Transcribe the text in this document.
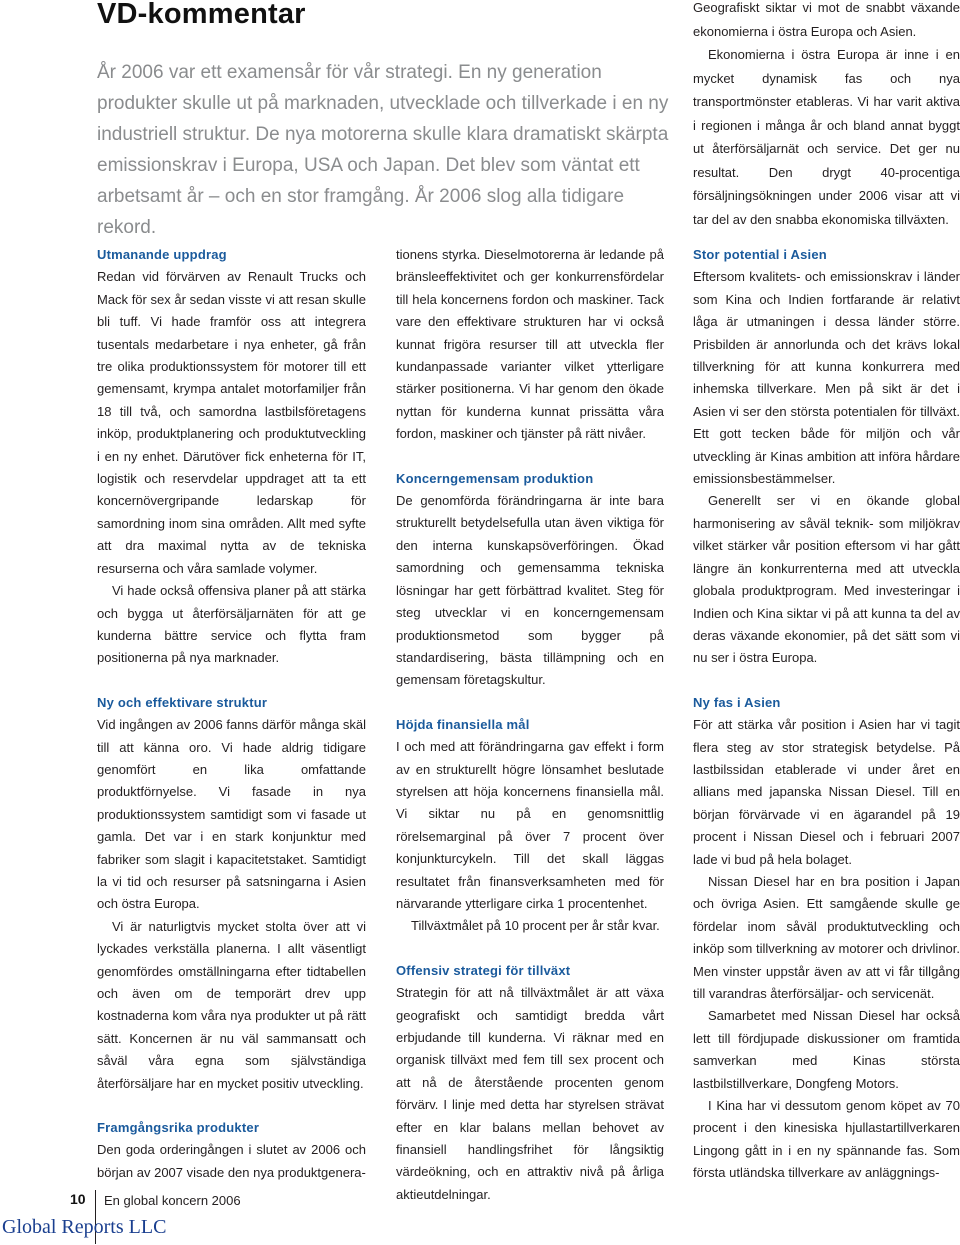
VD-kommentar

År 2006 var ett examensår för vår strategi. En ny generation produkter skulle ut på marknaden, utvecklade och tillverkade i en ny industriell struktur. De nya motorerna skulle klara dramatiskt skärpta emissionskrav i Europa, USA och Japan. Det blev som väntat ett arbetsamt år – och en stor framgång. År 2006 slog alla tidigare rekord.

Geografiskt siktar vi mot de snabbt växande ekonomierna i östra Europa och Asien.

Ekonomierna i östra Europa är inne i en mycket dynamisk fas och nya transportmönster etableras. Vi har varit aktiva i regionen i många år och bland annat byggt ut återförsäljarnät och service. Det ger nu resultat. Den drygt 40-procentiga försäljningsökningen under 2006 visar att vi tar del av den snabba ekonomiska tillväxten.

Utmanande uppdrag

Redan vid förvärven av Renault Trucks och Mack för sex år sedan visste vi att resan skulle bli tuff. Vi hade framför oss att integrera tusentals medarbetare i nya enheter, gå från tre olika produktionssystem för motorer till ett gemensamt, krympa antalet motorfamiljer från 18 till två, och samordna lastbilsföretagens inköp, produktplanering och produktutveckling i en ny enhet. Därutöver fick enheterna för IT, logistik och reservdelar uppdraget att ta ett koncernövergripande ledarskap för samordning inom sina områden. Allt med syfte att dra maximal nytta av de tekniska resurserna och våra samlade volymer.

Vi hade också offensiva planer på att stärka och bygga ut återförsäljarnäten för att ge kunderna bättre service och flytta fram positionerna på nya marknader.

Ny och effektivare struktur

Vid ingången av 2006 fanns därför många skäl till att känna oro. Vi hade aldrig tidigare genomfört en lika omfattande produktförnyelse. Vi fasade in nya produktionssystem samtidigt som vi fasade ut gamla. Det var i en stark konjunktur med fabriker som slagit i kapacitetstaket. Samtidigt la vi tid och resurser på satsningarna i Asien och östra Europa.

Vi är naturligtvis mycket stolta över att vi lyckades verkställa planerna. I allt väsentligt genomfördes omställningarna efter tidtabellen och även om de temporärt drev upp kostnaderna kom våra nya produkter ut på rätt sätt. Koncernen är nu väl sammansatt och såväl våra egna som självständiga återförsäljare har en mycket positiv utveckling.

Framgångsrika produkter

Den goda orderingången i slutet av 2006 och början av 2007 visade den nya produktgenera-

tionens styrka. Dieselmotorerna är ledande på bränsleeffektivitet och ger konkurrensfördelar till hela koncernens fordon och maskiner. Tack vare den effektivare strukturen har vi också kunnat frigöra resurser till att utveckla fler kundanpassade varianter vilket ytterligare stärker positionerna. Vi har genom den ökade nyttan för kunderna kunnat prissätta våra fordon, maskiner och tjänster på rätt nivåer.

Koncerngemensam produktion

De genomförda förändringarna är inte bara strukturellt betydelsefulla utan även viktiga för den interna kunskapsöverföringen. Ökad samordning och gemensamma tekniska lösningar har gett förbättrad kvalitet. Steg för steg utvecklar vi en koncerngemensam produktionsmetod som bygger på standardisering, bästa tillämpning och en gemensam företagskultur.

Höjda finansiella mål

I och med att förändringarna gav effekt i form av en strukturellt högre lönsamhet beslutade styrelsen att höja koncernens finansiella mål. Vi siktar nu på en genomsnittlig rörelsemarginal på över 7 procent över konjunkturcykeln. Till det skall läggas resultatet från finansverksamheten med för närvarande ytterligare cirka 1 procentenhet.

Tillväxtmålet på 10 procent per år står kvar.

Offensiv strategi för tillväxt

Strategin för att nå tillväxtmålet är att växa geografiskt och samtidigt bredda vårt erbjudande till kunderna. Vi räknar med en organisk tillväxt med fem till sex procent och att nå de återstående procenten genom förvärv. I linje med detta har styrelsen strävat efter en klar balans mellan behovet av finansiell handlingsfrihet för långsiktig värdeökning, och en attraktiv nivå på årliga aktieutdelningar.

Stor potential i Asien

Eftersom kvalitets- och emissionskrav i länder som Kina och Indien fortfarande är relativt låga är utmaningen i dessa länder större. Prisbilden är annorlunda och det krävs lokal tillverkning för att kunna konkurrera med inhemska tillverkare. Men på sikt är det i Asien vi ser den största potentialen för tillväxt. Ett gott tecken både för miljön och vår utveckling är Kinas ambition att införa hårdare emissionsbestämmelser.

Generellt ser vi en ökande global harmonisering av såväl teknik- som miljökrav vilket stärker vår position eftersom vi har gått längre än konkurrenterna med att utveckla globala produktprogram. Med investeringar i Indien och Kina siktar vi på att kunna ta del av deras växande ekonomier, på det sätt som vi nu ser i östra Europa.

Ny fas i Asien

För att stärka vår position i Asien har vi tagit flera steg av stor strategisk betydelse. På lastbilssidan etablerade vi under året en allians med japanska Nissan Diesel. Till en början förvärvade vi en ägarandel på 19 procent i Nissan Diesel och i februari 2007 lade vi bud på hela bolaget.

Nissan Diesel har en bra position i Japan och övriga Asien. Ett samgående skulle ge fördelar inom såväl produktutveckling och inköp som tillverkning av motorer och drivlinor. Men vinster uppstår även av att vi får tillgång till varandras återförsäljar- och servicenät.

Samarbetet med Nissan Diesel har också lett till fördjupade diskussioner om framtida samverkan med Kinas största lastbilstillverkare, Dongfeng Motors.

I Kina har vi dessutom genom köpet av 70 procent i den kinesiska hjullastartillverkaren Lingong gått in i en ny spännande fas. Som första utländska tillverkare av anläggnings-

10 En global koncern 2006
Global Reports LLC
